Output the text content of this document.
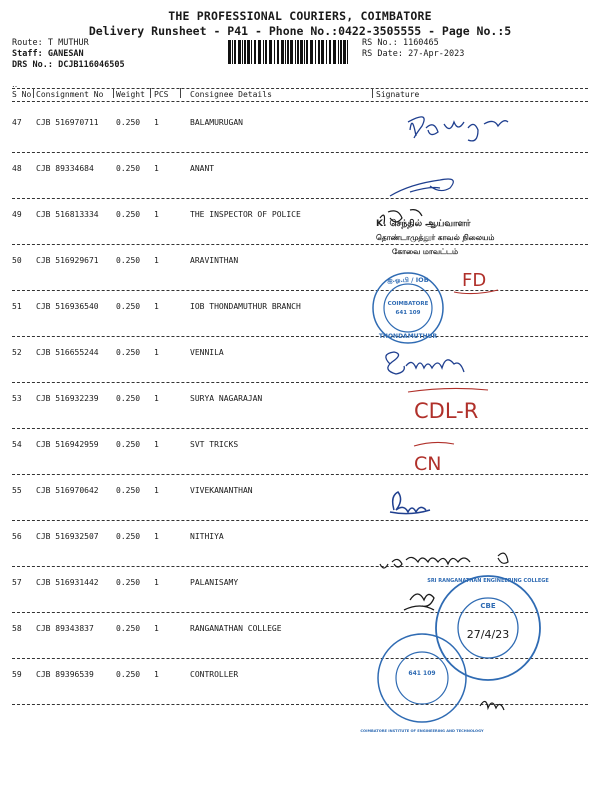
THE PROFESSIONAL COURIERS, COIMBATORE
Delivery Runsheet - P41 - Phone No.:0422-3505555 - Page No.:5
Route: T MUTHUR
Staff: GANESAN
DRS No.: DCJB116046505
RS No.: 1160465
RS Date: 27-Apr-2023
‥
S No Consignment No Weight PCS	Consignee Details	Signature
47 CJB 516970711 0.250 1	BALAMURUGAN
48 CJB 89334684	0.250 1	ANANT
49 CJB 516813334 0.250 1	THE INSPECTOR OF POLICE
50 CJB 516929671 0.250 1	ARAVINTHAN
51 CJB 516936540 0.250 1	IOB THONDAMUTHUR BRANCH
52 CJB 516655244 0.250 1	VENNILA
53 CJB 516932239 0.250 1	SURYA NAGARAJAN
54 CJB 516942959 0.250 1	SVT TRICKS
55 CJB 516970642 0.250 1	VIVEKANANTHAN
56 CJB 516932507 0.250 1	NITHIYA
57 CJB 516931442 0.250 1	PALANISAMY
58 CJB 89343837	0.250 1	RANGANATHAN COLLEGE
59 CJB 89396539	0.250 1	CONTROLLER
K. செந்தில் ஆய்வாளர்
தொண்டாமுத்தூர் காவல் நிலையம்
கோவை மாவட்டம்
FD
ஐ.ஓ.பி / IOB
COIMBATORE
641 109
THONDAMUTHUR
CDL-R
CN
SRI RANGANATHAN ENGINEERING COLLEGE
CBE
27/4/23
641 109
COIMBATORE INSTITUTE OF ENGINEERING AND TECHNOLOGY
